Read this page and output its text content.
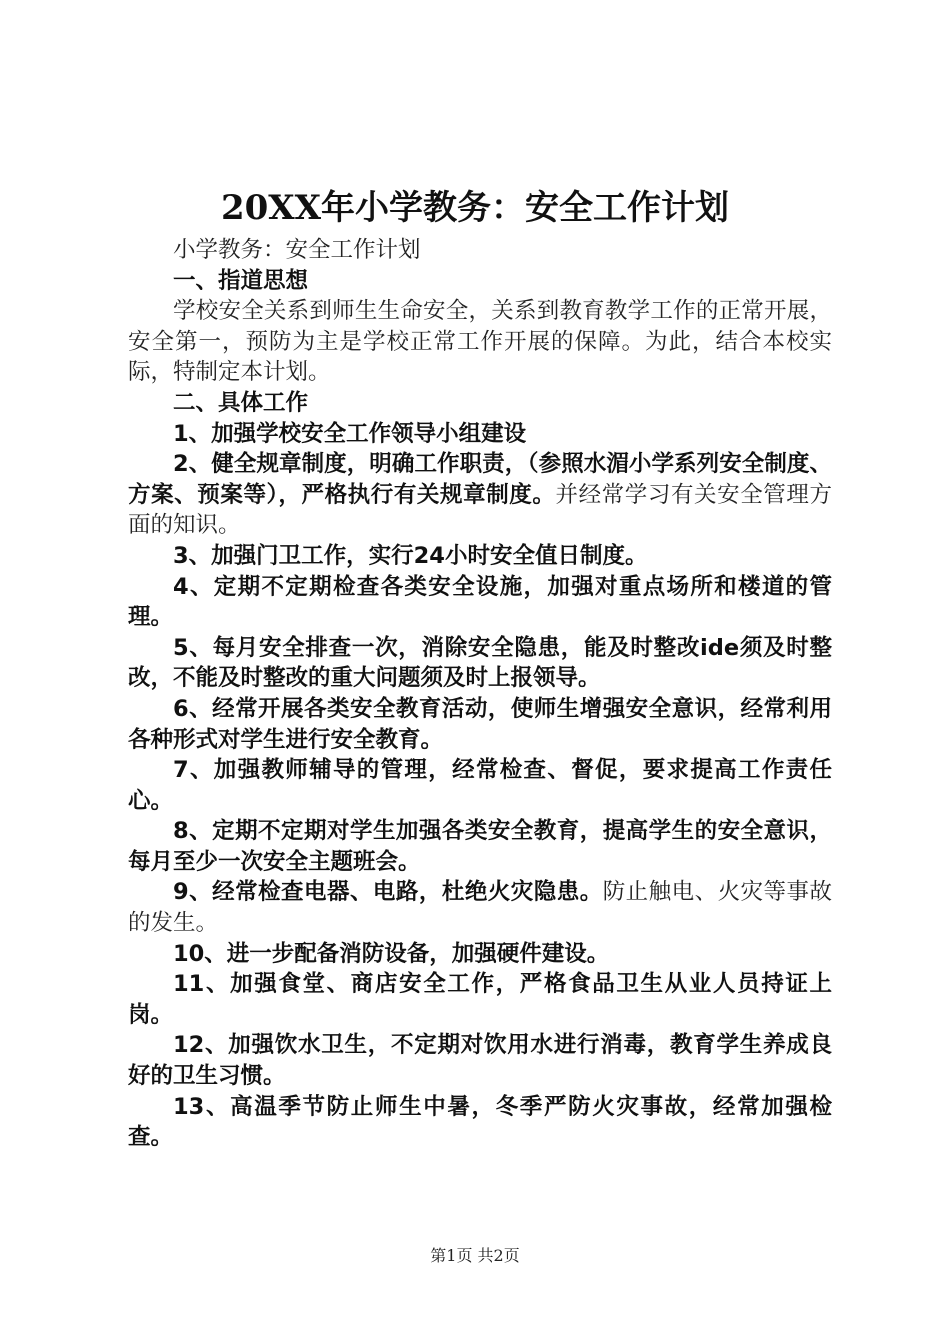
20XX年小学教务：安全工作计划

小学教务：安全工作计划

一、指道思想

学校安全关系到师生生命安全，关系到教育教学工作的正常开展，安全第一，预防为主是学校正常工作开展的保障。为此，结合本校实际，特制定本计划。

二、具体工作

1、加强学校安全工作领导小组建设

2、健全规章制度，明确工作职责，（参照水湄小学系列安全制度、方案、预案等），严格执行有关规章制度。并经常学习有关安全管理方面的知识。

3、加强门卫工作，实行24小时安全值日制度。

4、定期不定期检查各类安全设施，加强对重点场所和楼道的管理。

5、每月安全排查一次，消除安全隐患，能及时整改ide须及时整改，不能及时整改的重大问题须及时上报领导。

6、经常开展各类安全教育活动，使师生增强安全意识，经常利用各种形式对学生进行安全教育。

7、加强教师辅导的管理，经常检查、督促，要求提高工作责任心。

8、定期不定期对学生加强各类安全教育，提高学生的安全意识，每月至少一次安全主题班会。

9、经常检查电器、电路，杜绝火灾隐患。防止触电、火灾等事故的发生。

10、进一步配备消防设备，加强硬件建设。

11、加强食堂、商店安全工作，严格食品卫生从业人员持证上岗。

12、加强饮水卫生，不定期对饮用水进行消毒，教育学生养成良好的卫生习惯。

13、高温季节防止师生中暑，冬季严防火灾事故，经常加强检查。

第1页 共2页
